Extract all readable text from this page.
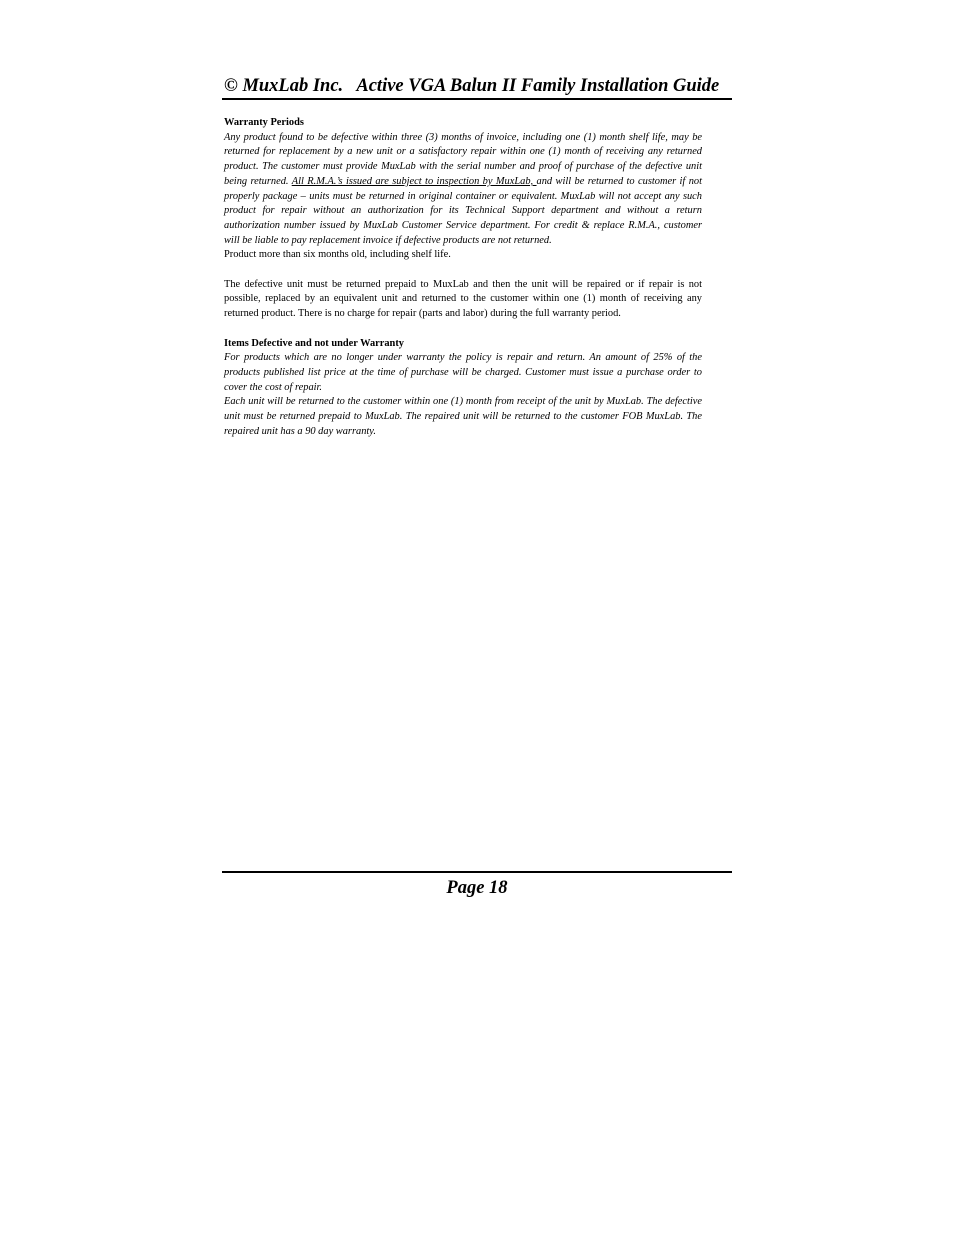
© MuxLab Inc.   Active VGA Balun II Family Installation Guide

Warranty Periods

Any product found to be defective within three (3) months of invoice, including one (1) month shelf life, may be returned for replacement by a new unit or a satisfactory repair within one (1) month of receiving any returned product. The customer must provide MuxLab with the serial number and proof of purchase of the defective unit being returned. All R.M.A.’s issued are subject to inspection by MuxLab, and will be returned to customer if not properly package – units must be returned in original container or equivalent. MuxLab will not accept any such product for repair without an authorization for its Technical Support department and without a return authorization number issued by MuxLab Customer Service department. For credit & replace R.M.A., customer will be liable to pay replacement invoice if defective products are not returned.

Product more than six months old, including shelf life.

The defective unit must be returned prepaid to MuxLab and then the unit will be repaired or if repair is not possible, replaced by an equivalent unit and returned to the customer within one (1) month of receiving any returned product. There is no charge for repair (parts and labor) during the full warranty period.

Items Defective and not under Warranty

For products which are no longer under warranty the policy is repair and return. An amount of 25% of the products published list price at the time of purchase will be charged. Customer must issue a purchase order to cover the cost of repair.

Each unit will be returned to the customer within one (1) month from receipt of the unit by MuxLab. The defective unit must be returned prepaid to MuxLab. The repaired unit will be returned to the customer FOB MuxLab. The repaired unit has a 90 day warranty.

Page 18
